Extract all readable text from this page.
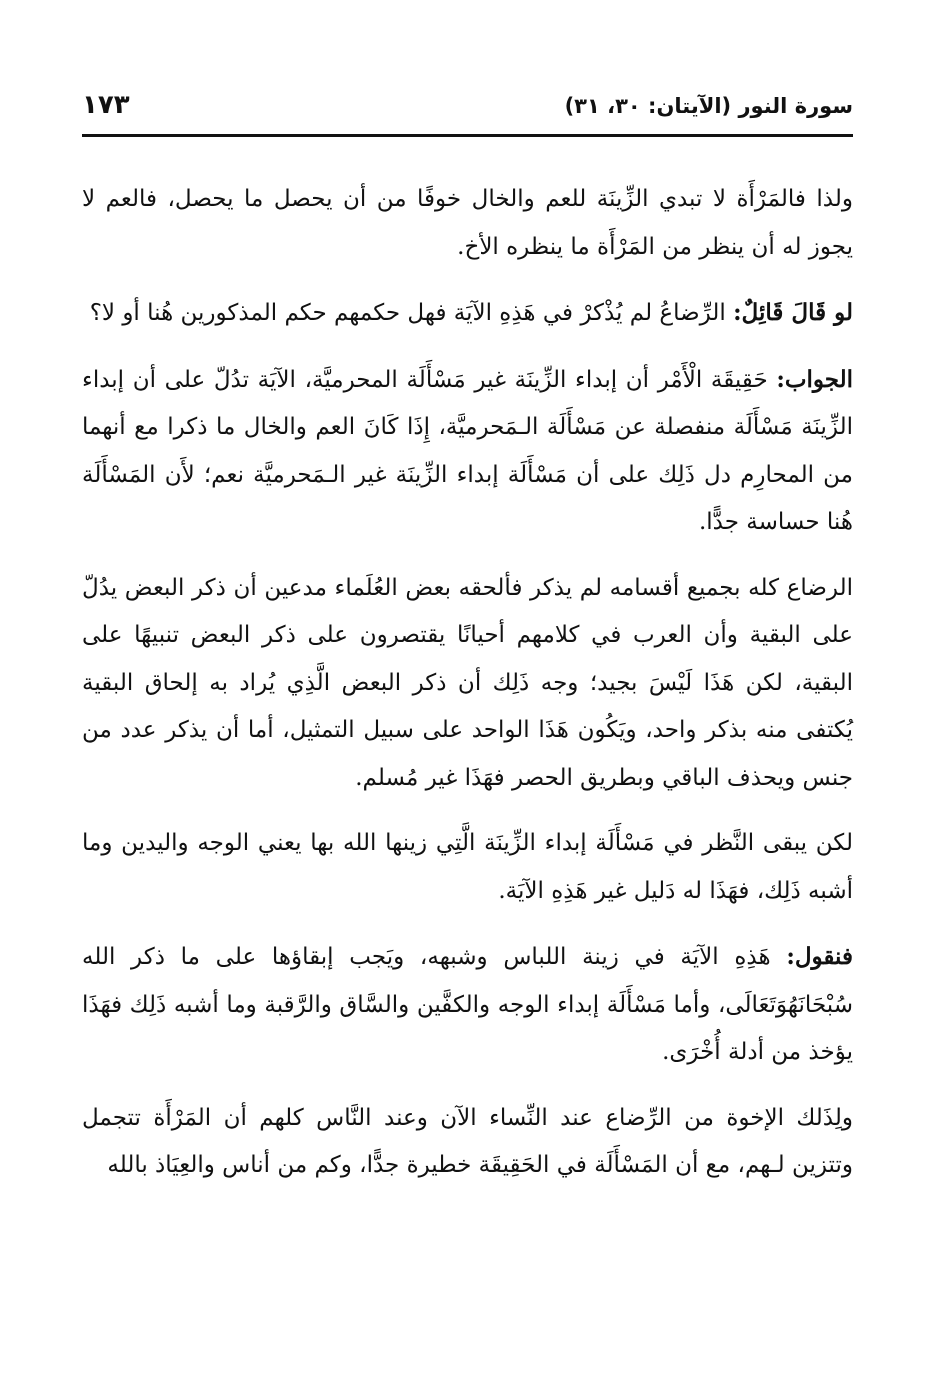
سورة النور (الآيتان: ٣٠، ٣١)
١٧٣

ولذا فالمَرْأَة لا تبدي الزِّينَة للعم والخال خوفًا من أن يحصل ما يحصل، فالعم لا يجوز له أن ينظر من المَرْأَة ما ينظره الأخ.

لو قَالَ قَائِلٌ: الرِّضاعُ لم يُذْكرْ في هَذِهِ الآيَة فهل حكمهم حكم المذكورين هُنا أو لا؟

الجواب: حَقِيقَة الْأَمْر أن إبداء الزِّينَة غير مَسْأَلَة المحرميَّة، الآيَة تدُلّ على أن إبداء الزِّينَة مَسْأَلَة منفصلة عن مَسْأَلَة الـمَحرميَّة، إِذَا كَانَ العم والخال ما ذكرا مع أنهما من المحارِم دل ذَلِك على أن مَسْأَلَة إبداء الزِّينَة غير الـمَحرميَّة نعم؛ لأَن المَسْأَلَة هُنا حساسة جدًّا.

الرضاع كله بجميع أقسامه لم يذكر فألحقه بعض العُلَماء مدعين أن ذكر البعض يدُلّ على البقية وأن العرب في كلامهم أحيانًا يقتصرون على ذكر البعض تنبيهًا على البقية، لكن هَذَا لَيْسَ بجيد؛ وجه ذَلِك أن ذكر البعض الَّذِي يُراد به إلحاق البقية يُكتفى منه بذكر واحد، ويَكُون هَذَا الواحد على سبيل التمثيل، أما أن يذكر عدد من جنس ويحذف الباقي وبطريق الحصر فهَذَا غير مُسلم.

لكن يبقى النَّظر في مَسْأَلَة إبداء الزِّينَة الَّتِي زينها الله بها يعني الوجه واليدين وما أشبه ذَلِك، فهَذَا له دَليل غير هَذِهِ الآيَة.

فنقول: هَذِهِ الآيَة في زينة اللباس وشبهه، ويَجب إبقاؤها على ما ذكر الله سُبْحَانَهُوَتَعَالَى، وأما مَسْأَلَة إبداء الوجه والكفَّين والسَّاق والرَّقبة وما أشبه ذَلِك فهَذَا يؤخذ من أدلة أُخْرَى.

ولِذَلك الإخوة من الرِّضاع عند النِّساء الآن وعند النَّاس كلهم أن المَرْأَة تتجمل وتتزين لـهم، مع أن المَسْأَلَة في الحَقِيقَة خطيرة جدًّا، وكم من أناس والعِيَاذ بالله
